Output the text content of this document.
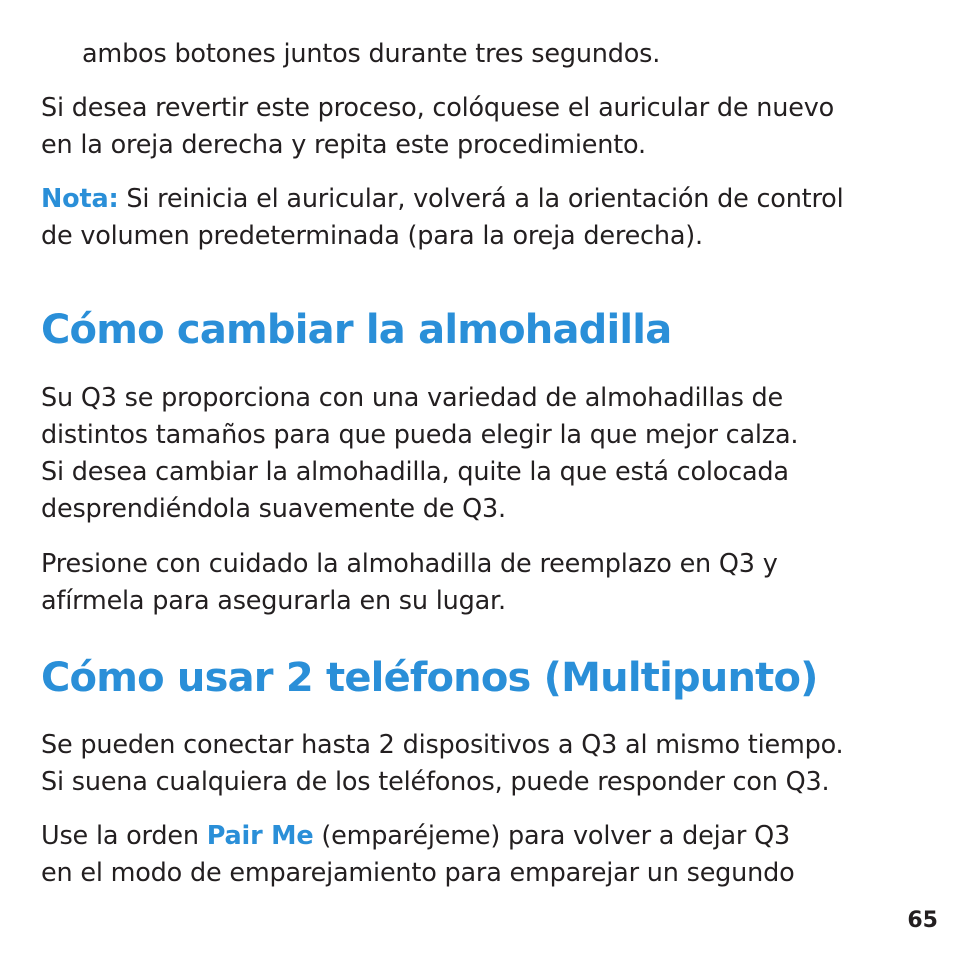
ambos botones juntos durante tres segundos.

Si desea revertir este proceso, colóquese el auricular de nuevo
en la oreja derecha y repita este procedimiento.

Nota: Si reinicia el auricular, volverá a la orientación de control
de volumen predeterminada (para la oreja derecha).

Cómo cambiar la almohadilla

Su Q3 se proporciona con una variedad de almohadillas de
distintos tamaños para que pueda elegir la que mejor calza.
Si desea cambiar la almohadilla, quite la que está colocada
desprendiéndola suavemente de Q3.

Presione con cuidado la almohadilla de reemplazo en Q3 y
afírmela para asegurarla en su lugar.

Cómo usar 2 teléfonos (Multipunto)

Se pueden conectar hasta 2 dispositivos a Q3 al mismo tiempo.
Si suena cualquiera de los teléfonos, puede responder con Q3.

Use la orden Pair Me (emparéjeme) para volver a dejar Q3
en el modo de emparejamiento para emparejar un segundo

65
